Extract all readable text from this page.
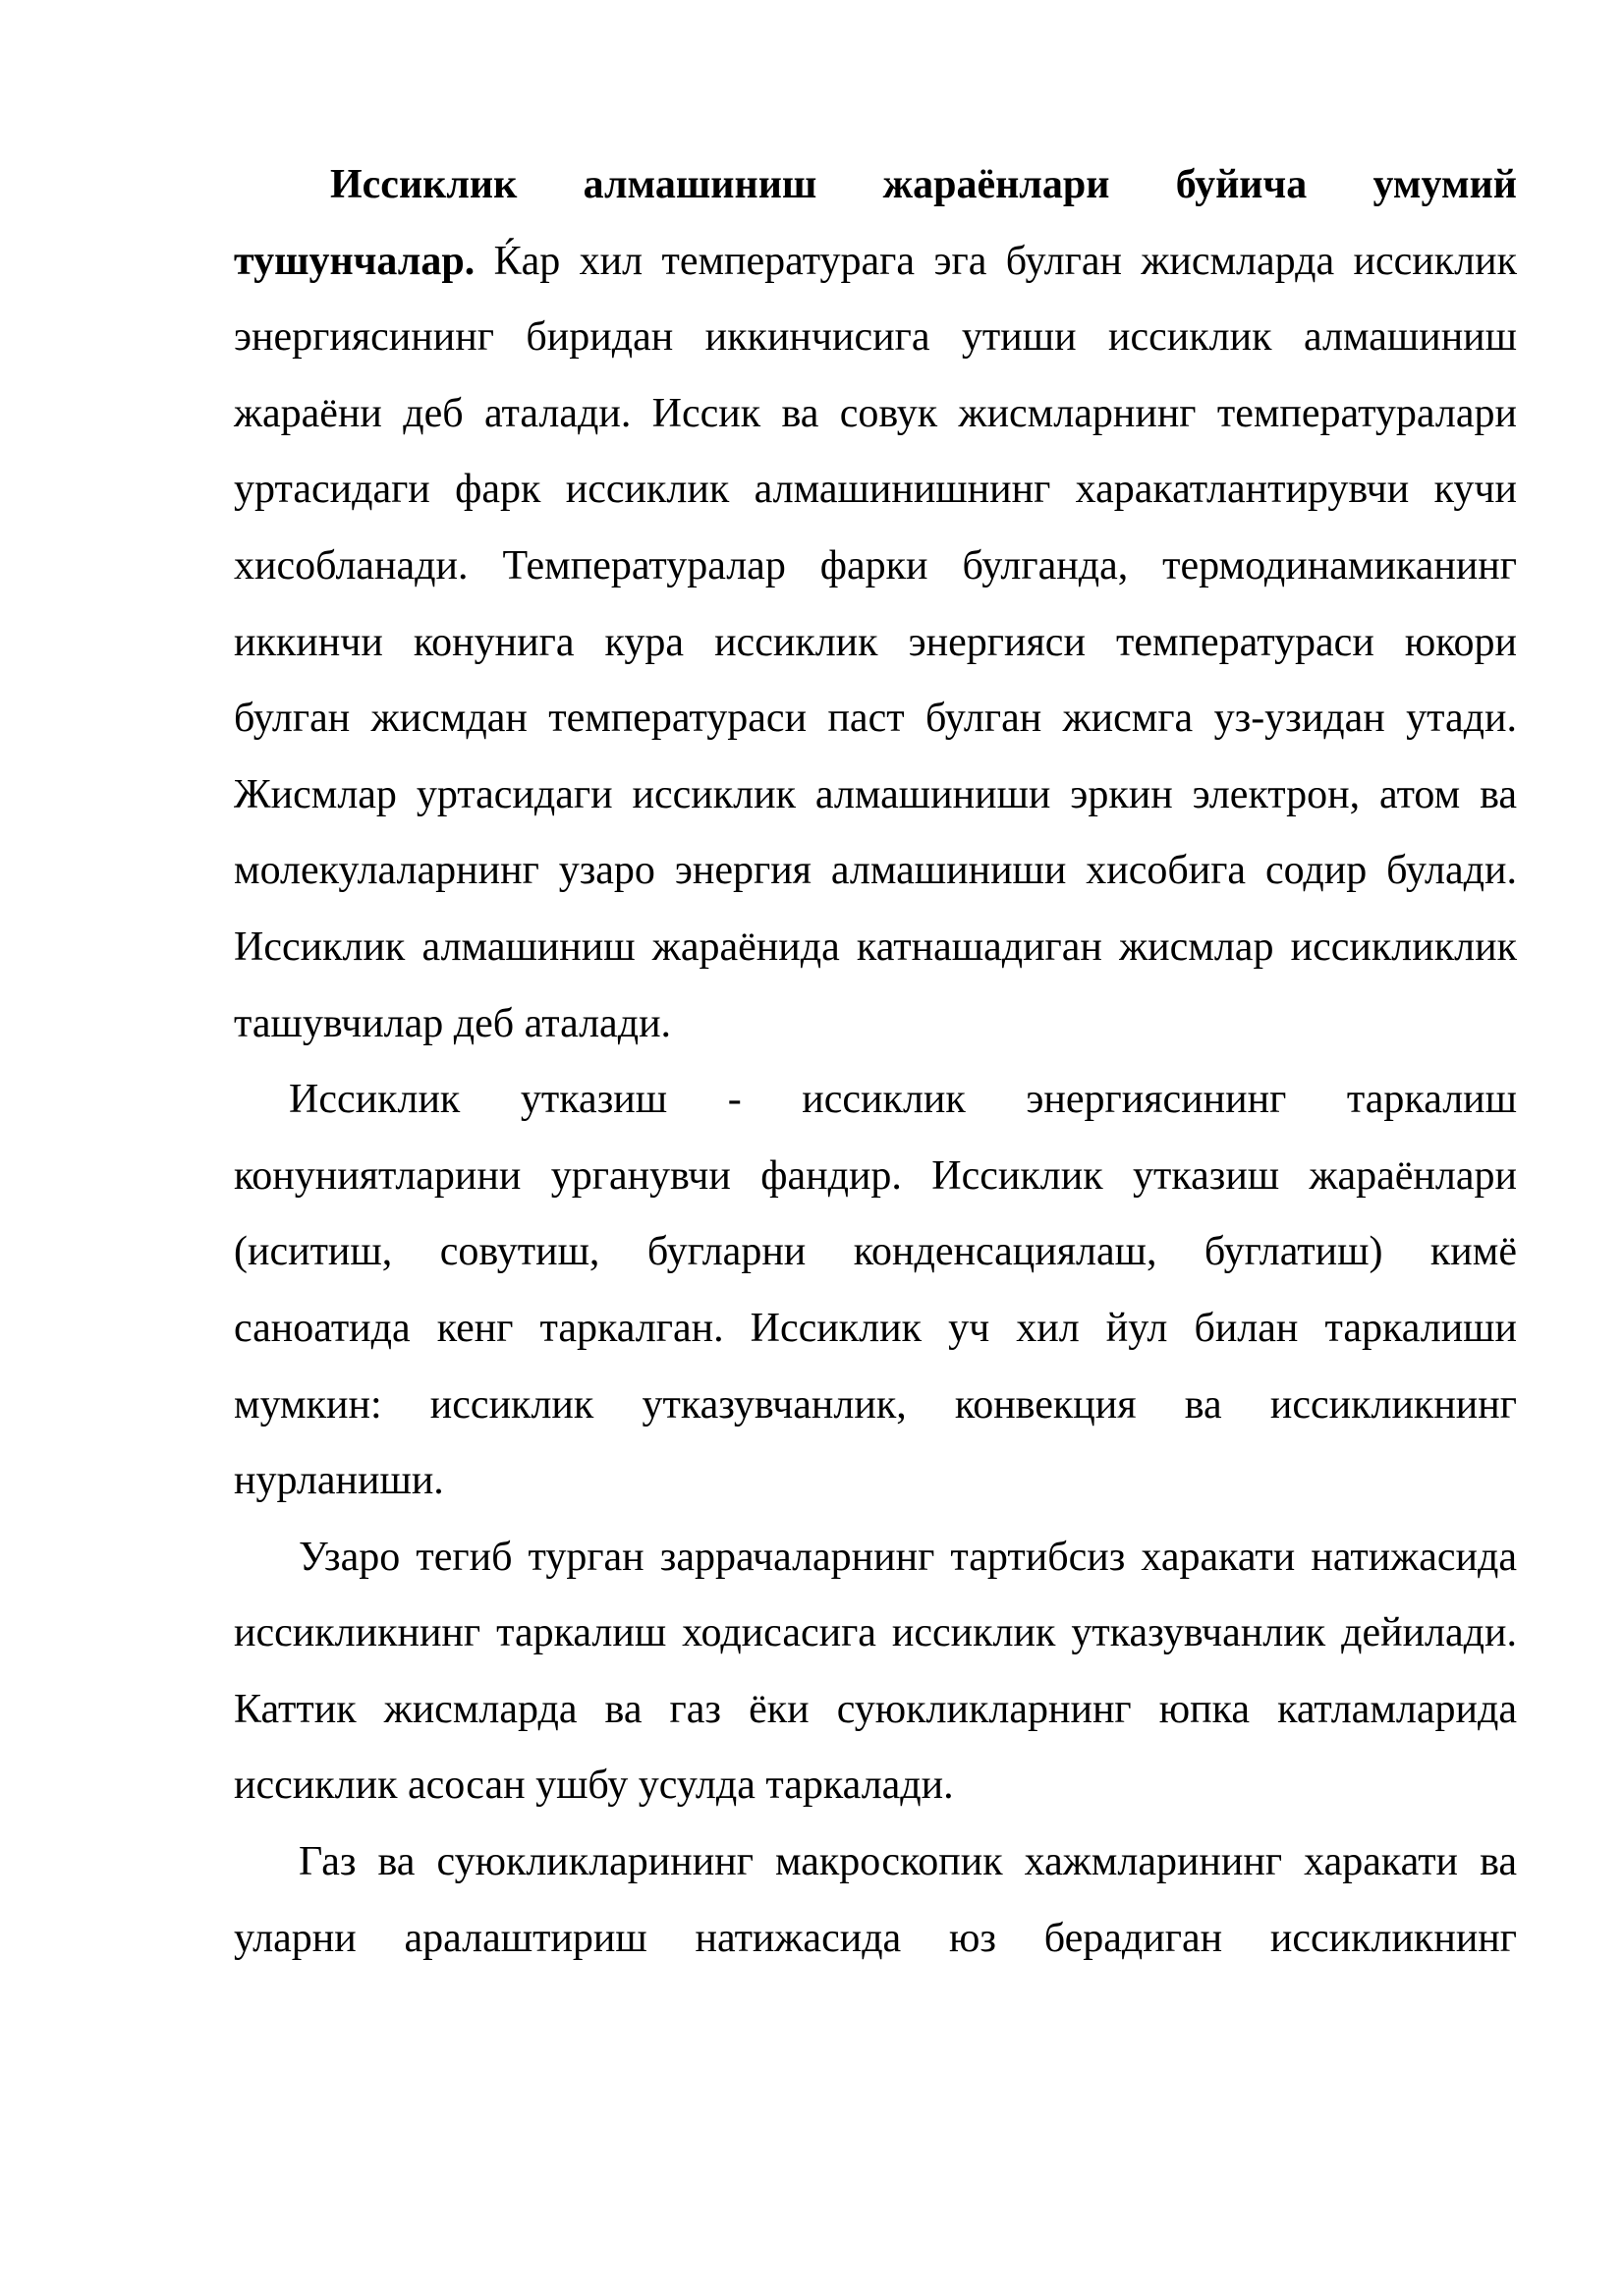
Иссиклик алмашиниш жараёнлари буйича умумий тушунчалар. Ќар хил температурага эга булган жисмларда иссиклик энергиясининг биридан иккинчисига утиши иссиклик алмашиниш жараёни деб аталади. Иссик ва совук жисмларнинг температуралари уртасидаги фарк иссиклик алмашинишнинг харакатлантирувчи кучи хисобланади. Температуралар фарки булганда, термодинамиканинг иккинчи конунига кура иссиклик энергияси температураси юкори булган жисмдан температураси паст булган жисмга уз-узидан утади. Жисмлар уртасидаги иссиклик алмашиниши эркин электрон, атом ва молекулаларнинг узаро энергия алмашиниши хисобига содир булади. Иссиклик алмашиниш жараёнида катнашадиган жисмлар иссикликлик ташувчилар деб аталади.

Иссиклик утказиш - иссиклик энергиясининг таркалиш конуниятларини урганувчи фандир. Иссиклик утказиш жараёнлари (иситиш, совутиш, бугларни конденсациялаш, буглатиш) кимё саноатида кенг таркалган. Иссиклик уч хил йул билан таркалиши мумкин: иссиклик утказувчанлик, конвекция ва иссикликнинг нурланиши.

Узаро тегиб турган заррачаларнинг тартибсиз харакати натижасида иссикликнинг таркалиш ходисасига иссиклик утказувчанлик дейилади. Каттик жисмларда ва газ ёки суюкликларнинг юпка катламларида иссиклик асосан ушбу усулда таркалади.

Газ ва суюкликларининг макроскопик хажмларининг харакати ва уларни аралаштириш натижасида юз берадиган иссикликнинг
